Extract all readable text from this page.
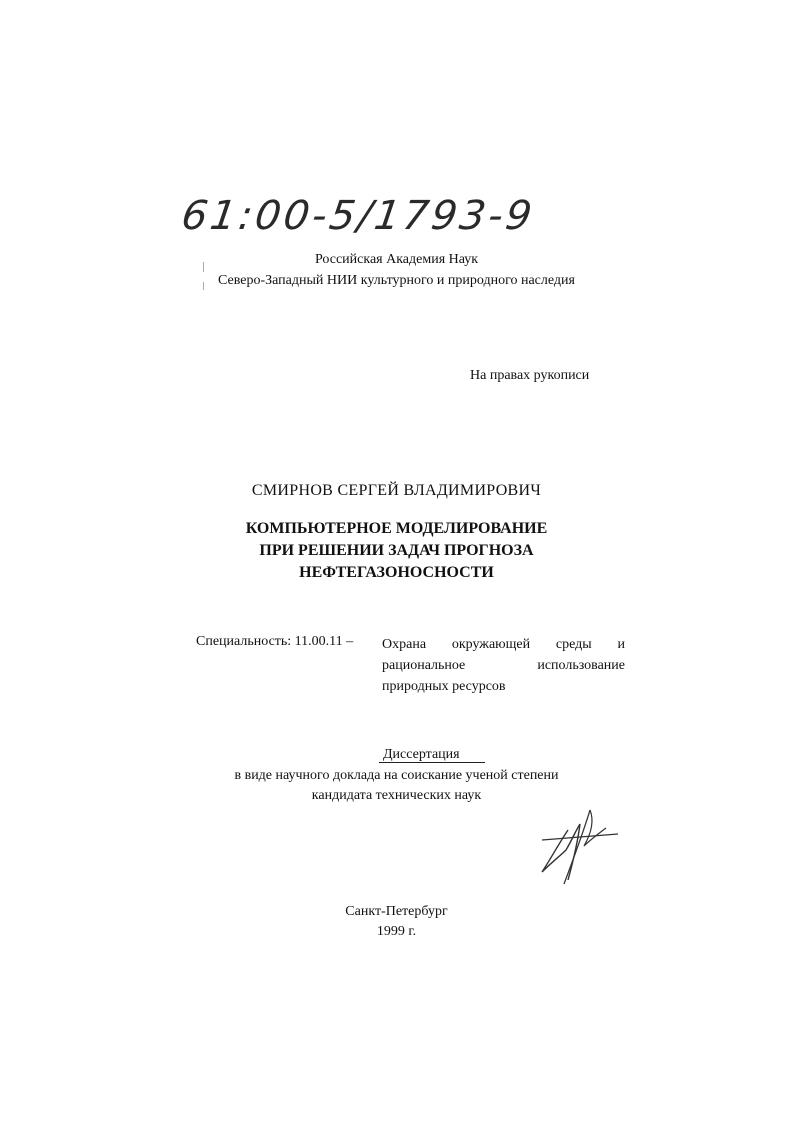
61:00-5/1793-9
Российская Академия Наук
Северо-Западный НИИ культурного и природного наследия
На правах рукописи
СМИРНОВ СЕРГЕЙ ВЛАДИМИРОВИЧ
КОМПЬЮТЕРНОЕ МОДЕЛИРОВАНИЕ
ПРИ РЕШЕНИИ ЗАДАЧ ПРОГНОЗА
НЕФТЕГАЗОНОСНОСТИ
Специальность: 11.00.11 – Охрана окружающей среды и рациональное использование природных ресурсов
Диссертация
в виде научного доклада на соискание ученой степени
кандидата технических наук
Санкт-Петербург
1999 г.
